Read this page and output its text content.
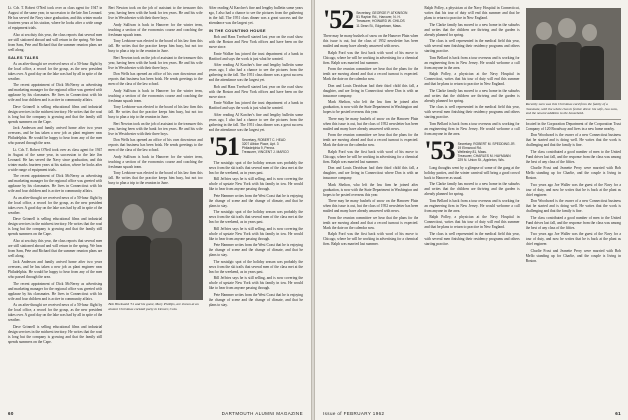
Lt. Cdr. T. Robert O'Neil took over as class agent for 1947 in August of the same year, in succession to the late Jim Leonard. He has served the Navy since graduation, and this winter marks fourteen years at his station, where he looks after a wide range of equipment trials.

Also at sea duty this year, the class reports that several men are still stationed abroad and will return in the spring. We hear from Sam, Pete and Richard that the summer reunion plans are well along.

SALES TALES

As an after-thought we received news of a 50-hour flight by the local office, a record for the group, as the new president takes over. A good day on the lake was had by all in spite of the weather.

The recent appointment of Dick McNerny as advertising and marketing manager for the regional office was greeted with applause by his classmates. He lives in Connecticut with his wife and four children and is active in community affairs.

Dave Grinnell is selling educational films and industrial design services in the midwest territory. He writes that the road is long but the company is growing and that the family still spends summers on the Cape.

Jack Anderson and family arrived home after two years overseas, and he has taken a new job as plant engineer near Philadelphia. He would be happy to hear from any of the men who passed through the area.

Lt. Cdr. T. Robert O'Neil took over as class agent for 1947 in August of the same year, in succession to the late Jim Leonard. He has served the Navy since graduation, and this winter marks fourteen years at his station, where he looks after a wide range of equipment trials.

The recent appointment of Dick McNerny as advertising and marketing manager for the regional office was greeted with applause by his classmates. He lives in Connecticut with his wife and four children and is active in community affairs.

As an after-thought we received news of a 50-hour flight by the local office, a record for the group, as the new president takes over. A good day on the lake was had by all in spite of the weather.

Dave Grinnell is selling educational films and industrial design services in the midwest territory. He writes that the road is long but the company is growing and that the family still spends summers on the Cape.

Also at sea duty this year, the class reports that several men are still stationed abroad and will return in the spring. We hear from Sam, Pete and Richard that the summer reunion plans are well along.

Jack Anderson and family arrived home after two years overseas, and he has taken a new job as plant engineer near Philadelphia. He would be happy to hear from any of the men who passed through the area.

The recent appointment of Dick McNerny as advertising and marketing manager for the regional office was greeted with applause by his classmates. He lives in Connecticut with his wife and four children and is active in community affairs.

As an after-thought we received news of a 50-hour flight by the local office, a record for the group, as the new president takes over. A good day on the lake was had by all in spite of the weather.

Dave Grinnell is selling educational films and industrial design services in the midwest territory. He writes that the road is long but the company is growing and that the family still spends summers on the Cape.

Bert Newton took on the job of assistant to the treasurer this year, having been with the bank for ten years. He and his wife live in Westchester with their three boys.

Andy Sullivan is back in Hanover for the winter term, teaching a section of the economics course and coaching the freshman squash team.

Tony Ledstone was elected to the board of his law firm this fall. He writes that the practice keeps him busy, but not too busy to plan a trip to the reunion in June.

Bert Newton took on the job of assistant to the treasurer this year, having been with the bank for ten years. He and his wife live in Westchester with their three boys.

Don Wells has opened an office of his own downtown and reports that business has been brisk. He sends greetings to the men of the class of the law school.

Andy Sullivan is back in Hanover for the winter term, teaching a section of the economics course and coaching the freshman squash team.

Tony Ledstone was elected to the board of his law firm this fall. He writes that the practice keeps him busy, but not too busy to plan a trip to the reunion in June.

Bert Newton took on the job of assistant to the treasurer this year, having been with the bank for ten years. He and his wife live in Westchester with their three boys.

Don Wells has opened an office of his own downtown and reports that business has been brisk. He sends greetings to the men of the class of the law school.

Andy Sullivan is back in Hanover for the winter term, teaching a section of the economics course and coaching the freshman squash team.

Tony Ledstone was elected to the board of his law firm this fall. He writes that the practice keeps him busy, but not too busy to plan a trip to the reunion in June.

Bob Hockwald '51 and his guest, Mary Phillips, are shown at an alumni Christmas cocktail party in Denver, Colo.

After reading Al Karcher's fine and lengthy bulletin some years ago, I also had a chance to see the pictures from the gathering in the fall. The 1951 class dinner was a great success and the attendance was the largest yet.

IN THE COUNTING HOUSE

Bob and Hans Tredwell started last year on the road show with the Boston and New York offices and have been on the move since.

Ernie Walker has joined the trust department of a bank in Hartford and says the work is just what he wanted.

After reading Al Karcher's fine and lengthy bulletin some years ago, I also had a chance to see the pictures from the gathering in the fall. The 1951 class dinner was a great success and the attendance was the largest yet.

Bob and Hans Tredwell started last year on the road show with the Boston and New York offices and have been on the move since.

Ernie Walker has joined the trust department of a bank in Hartford and says the work is just what he wanted.

After reading Al Karcher's fine and lengthy bulletin some years ago, I also had a chance to see the pictures from the gathering in the fall. The 1951 class dinner was a great success and the attendance was the largest yet.

'51 Secretary, ROBERT C. HEAD
3207 Albion Place, Apt. 3
Philadelphia 9, Penna.
Treasurer, VINCENT J. MARCO

The nostalgic spot of the holiday season was probably the news from the ski trails that several men of the class met at the Inn for the weekend, as in years past.

Bill Jeffries says he is still selling, and is now covering the whole of upstate New York with his family in tow. He would like to hear from anyone passing through.

Pete Hammer writes from the West Coast that he is enjoying the change of scene and the change of climate, and that he plans to stay.

The nostalgic spot of the holiday season was probably the news from the ski trails that several men of the class met at the Inn for the weekend, as in years past.

Bill Jeffries says he is still selling, and is now covering the whole of upstate New York with his family in tow. He would like to hear from anyone passing through.

Pete Hammer writes from the West Coast that he is enjoying the change of scene and the change of climate, and that he plans to stay.

The nostalgic spot of the holiday season was probably the news from the ski trails that several men of the class met at the Inn for the weekend, as in years past.

Bill Jeffries says he is still selling, and is now covering the whole of upstate New York with his family in tow. He would like to hear from anyone passing through.

Pete Hammer writes from the West Coast that he is enjoying the change of scene and the change of climate, and that he plans to stay.

60	DARTMOUTH ALUMNI MAGAZINE
'52 Secretary, GEORGE P. ATKINSON
51 Rayton Rd., Hanover, N. H.
Treasurer, HOWARD W. CHILDS
11 Dean St., Edgartown, Mass.

There may be many bushels of snow on the Hanover Plain when this issue is out, but the class of 1952 newsletter has been mailed and many have already answered with news.

Ralph Ford was the first back with word of his move to Chicago, where he will be working in advertising for a chemical firm. Ralph was married last summer.

From the reunion committee we hear that the plans for the tenth are moving ahead and that a record turnout is expected. Mark the date on the calendar now.

Don and Louis Davidson had their third child this fall, a daughter, and are living in Connecticut where Don is with an insurance company.

Mark Shelton, who left the law firm he joined after graduation, is now with the State Department in Washington and hopes to be posted overseas this year.

There may be many bushels of snow on the Hanover Plain when this issue is out, but the class of 1952 newsletter has been mailed and many have already answered with news.

From the reunion committee we hear that the plans for the tenth are moving ahead and that a record turnout is expected. Mark the date on the calendar now.

Ralph Ford was the first back with word of his move to Chicago, where he will be working in advertising for a chemical firm. Ralph was married last summer.

Don and Louis Davidson had their third child this fall, a daughter, and are living in Connecticut where Don is with an insurance company.

Mark Shelton, who left the law firm he joined after graduation, is now with the State Department in Washington and hopes to be posted overseas this year.

There may be many bushels of snow on the Hanover Plain when this issue is out, but the class of 1952 newsletter has been mailed and many have already answered with news.

From the reunion committee we hear that the plans for the tenth are moving ahead and that a record turnout is expected. Mark the date on the calendar now.

Ralph Ford was the first back with word of his move to Chicago, where he will be working in advertising for a chemical firm. Ralph was married last summer.

Ralph Polley, a physician at the Navy Hospital in Connecticut, writes that his tour of duty will end this summer and that he plans to return to practice in New England.

The Clarke family has moved to a new home in the suburbs and writes that the children are thriving and the garden is already planned for spring.

The class is well represented in the medical field this year, with several men finishing their residency programs and others starting practice.

Tom Bellard is back from a tour overseas and is working for an engineering firm in New Jersey. He would welcome a call from anyone in the area.

Ralph Polley, a physician at the Navy Hospital in Connecticut, writes that his tour of duty will end this summer and that he plans to return to practice in New England.

The Clarke family has moved to a new home in the suburbs and writes that the children are thriving and the garden is already planned for spring.

The class is well represented in the medical field this year, with several men finishing their residency programs and others starting practice.

Tom Bellard is back from a tour overseas and is working for an engineering firm in New Jersey. He would welcome a call from anyone in the area.

'53 Secretary, ROBERT M. SPEDDING JR.
19 Elmwood Rd.
Wellesley 81, Mass.
Treasurer, CHARLES M. HAYMANN
229 N. Union St., Appleton, Wis.

Long thoughts went by a glimpse of some of the gang at the holiday parties, and the winter carnival will bring a good crowd back to Hanover as usual.

The Clarke family has moved to a new home in the suburbs and writes that the children are thriving and the garden is already planned for spring.

Tom Bellard is back from a tour overseas and is working for an engineering firm in New Jersey. He would welcome a call from anyone in the area.

Ralph Polley, a physician at the Navy Hospital in Connecticut, writes that his tour of duty will end this summer and that he plans to return to practice in New England.

The class is well represented in the medical field this year, with several men finishing their residency programs and others starting practice.

Recently seen was this Christmas card from the family of a classmate, with the whole clan in festive dress: his wife, two sons, and the newest addition to the household.

located in the Corporation Department of the Corporation Trust Company of 120 Broadway and lives in a new home nearby.

Don Woodward is the owner of a new Connecticut business that he started and is doing well. He writes that the work is challenging and that the family is fine.

The class contributed a good number of men to the United Fund drives last fall, and the response from the class was among the best of any class of the fifties.

Charlie Frost and Jeanette Perry were married with Bob Mello standing up for Charlie, and the couple is living in Boston.

Two years ago Joe Waller was the guest of the Navy for a tour of duty, and now he writes that he is back at the plant as chief engineer.

Don Woodward is the owner of a new Connecticut business that he started and is doing well. He writes that the work is challenging and that the family is fine.

The class contributed a good number of men to the United Fund drives last fall, and the response from the class was among the best of any class of the fifties.

Two years ago Joe Waller was the guest of the Navy for a tour of duty, and now he writes that he is back at the plant as chief engineer.

Charlie Frost and Jeanette Perry were married with Bob Mello standing up for Charlie, and the couple is living in Boston.

Issue of FEBRUARY 1962	61
